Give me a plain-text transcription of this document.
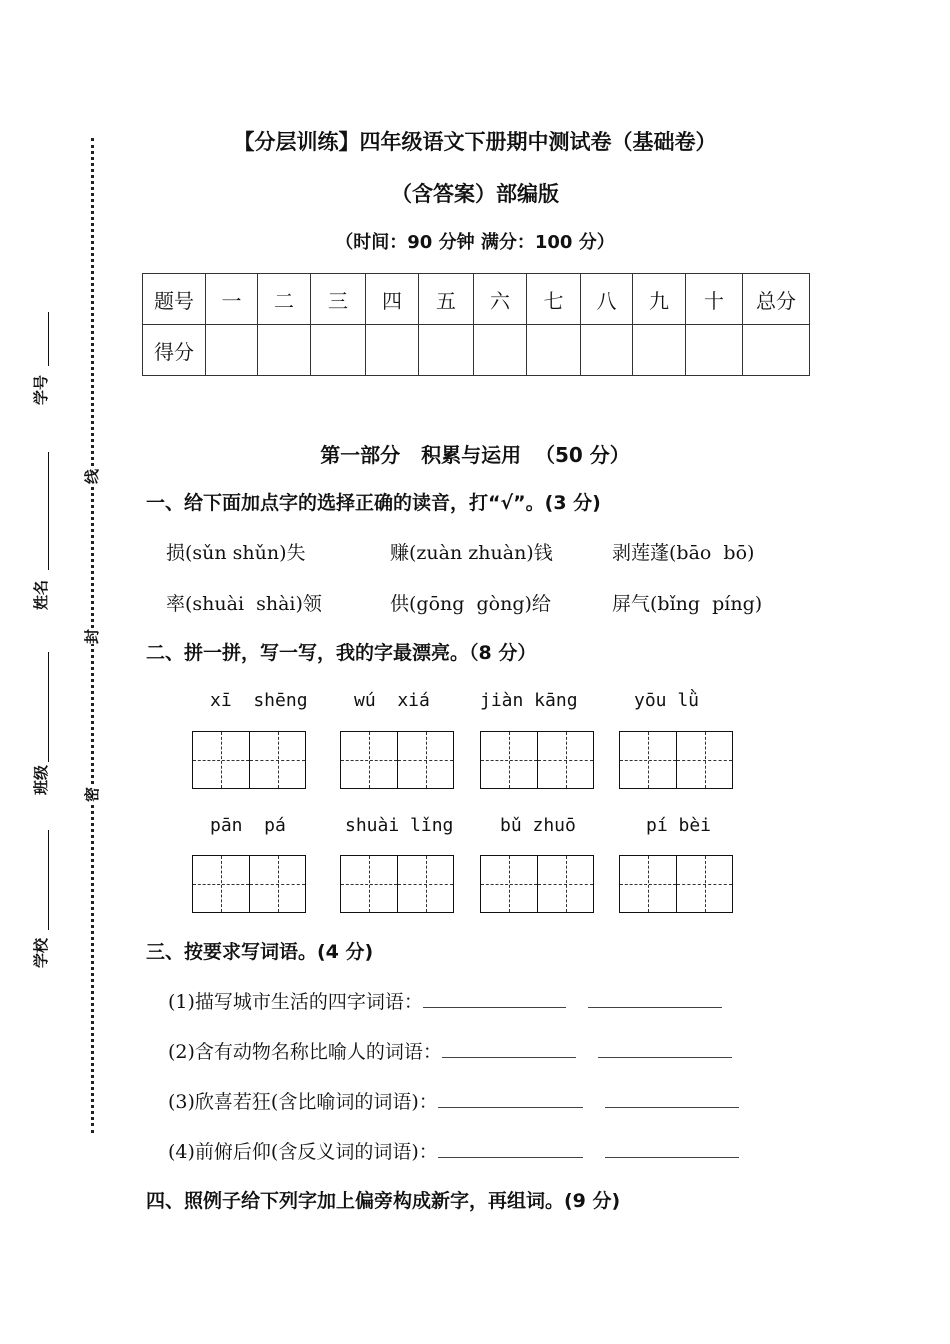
【分层训练】四年级语文下册期中测试卷（基础卷）
（含答案）部编版
（时间：90 分钟 满分：100 分）
学号
姓名
班级
学校
线
封
密
题号	一	二	三	四	五	六	七	八	九	十	总分
得分											
第一部分   积累与运用  （50 分）
一、给下面加点字的选择正确的读音，打“√”。(3 分)
损(sǔn shǔn)失	赚(zuàn zhuàn)钱	剥莲蓬(bāo  bō)
率(shuài  shài)领	供(gōng  gòng)给	屏气(bǐng  píng)
二、拼一拼，写一写，我的字最漂亮。（8 分）
xī  shēng	wú  xiá	jiàn kāng	yōu lǜ
pān  pá	shuài lǐng	bǔ zhuō	pí bèi
三、按要求写词语。(4 分)
(1)描写城市生活的四字词语：
(2)含有动物名称比喻人的词语：
(3)欣喜若狂(含比喻词的词语)：
(4)前俯后仰(含反义词的词语)：
四、照例子给下列字加上偏旁构成新字，再组词。(9 分)
